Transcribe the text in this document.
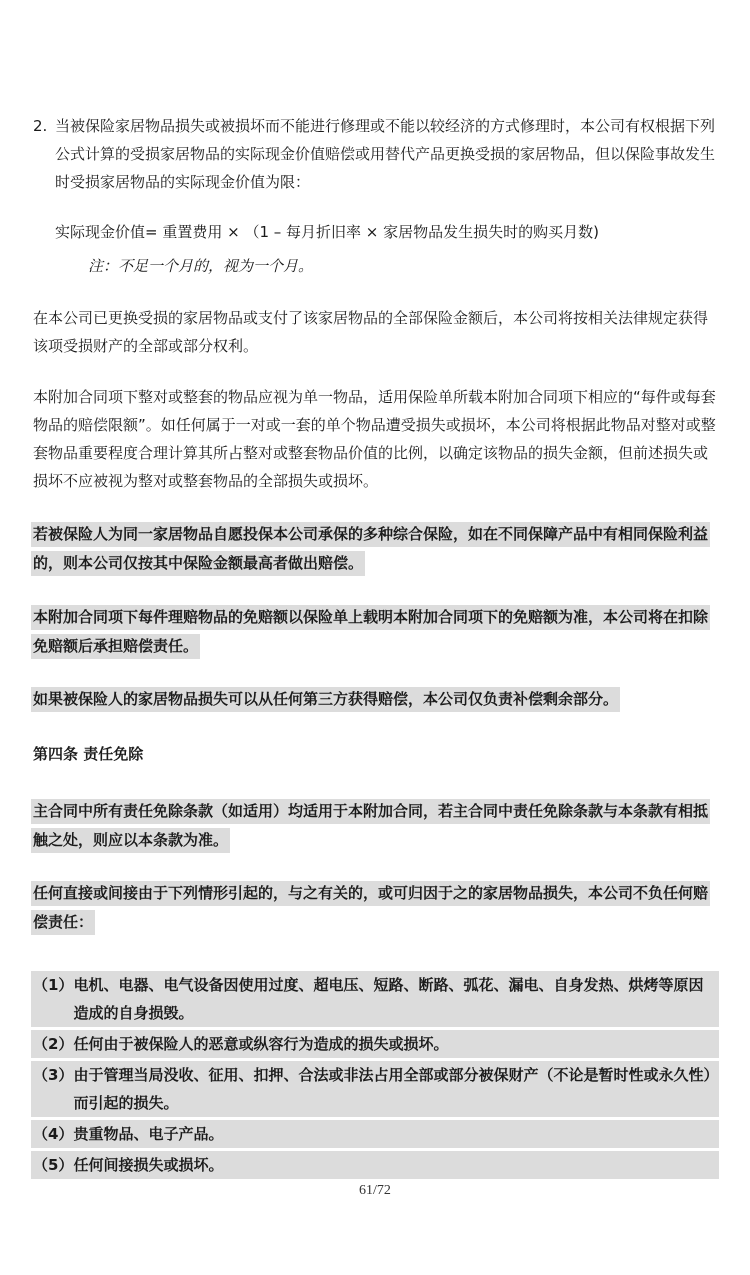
2. 当被保险家居物品损失或被损坏而不能进行修理或不能以较经济的方式修理时，本公司有权根据下列公式计算的受损家居物品的实际现金价值赔偿或用替代产品更换受损的家居物品，但以保险事故发生时受损家居物品的实际现金价值为限：
实际现金价值= 重置费用 × （1 – 每月折旧率 × 家居物品发生损失时的购买月数)
注：不足一个月的，视为一个月。
在本公司已更换受损的家居物品或支付了该家居物品的全部保险金额后，本公司将按相关法律规定获得该项受损财产的全部或部分权利。
本附加合同项下整对或整套的物品应视为单一物品，适用保险单所载本附加合同项下相应的“每件或每套物品的赔偿限额”。如任何属于一对或一套的单个物品遭受损失或损坏，本公司将根据此物品对整对或整套物品重要程度合理计算其所占整对或整套物品价值的比例，以确定该物品的损失金额，但前述损失或损坏不应被视为整对或整套物品的全部损失或损坏。
若被保险人为同一家居物品自愿投保本公司承保的多种综合保险，如在不同保障产品中有相同保险利益的，则本公司仅按其中保险金额最高者做出赔偿。
本附加合同项下每件理赔物品的免赔额以保险单上载明本附加合同项下的免赔额为准，本公司将在扣除免赔额后承担赔偿责任。
如果被保险人的家居物品损失可以从任何第三方获得赔偿，本公司仅负责补偿剩余部分。
第四条 责任免除
主合同中所有责任免除条款（如适用）均适用于本附加合同，若主合同中责任免除条款与本条款有相抵触之处，则应以本条款为准。
任何直接或间接由于下列情形引起的，与之有关的，或可归因于之的家居物品损失，本公司不负任何赔偿责任：
（1） 电机、电器、电气设备因使用过度、超电压、短路、断路、弧花、漏电、自身发热、烘烤等原因造成的自身损毁。
（2） 任何由于被保险人的恶意或纵容行为造成的损失或损坏。
（3） 由于管理当局没收、征用、扣押、合法或非法占用全部或部分被保财产（不论是暂时性或永久性）而引起的损失。
（4） 贵重物品、电子产品。
（5） 任何间接损失或损坏。
61/72
